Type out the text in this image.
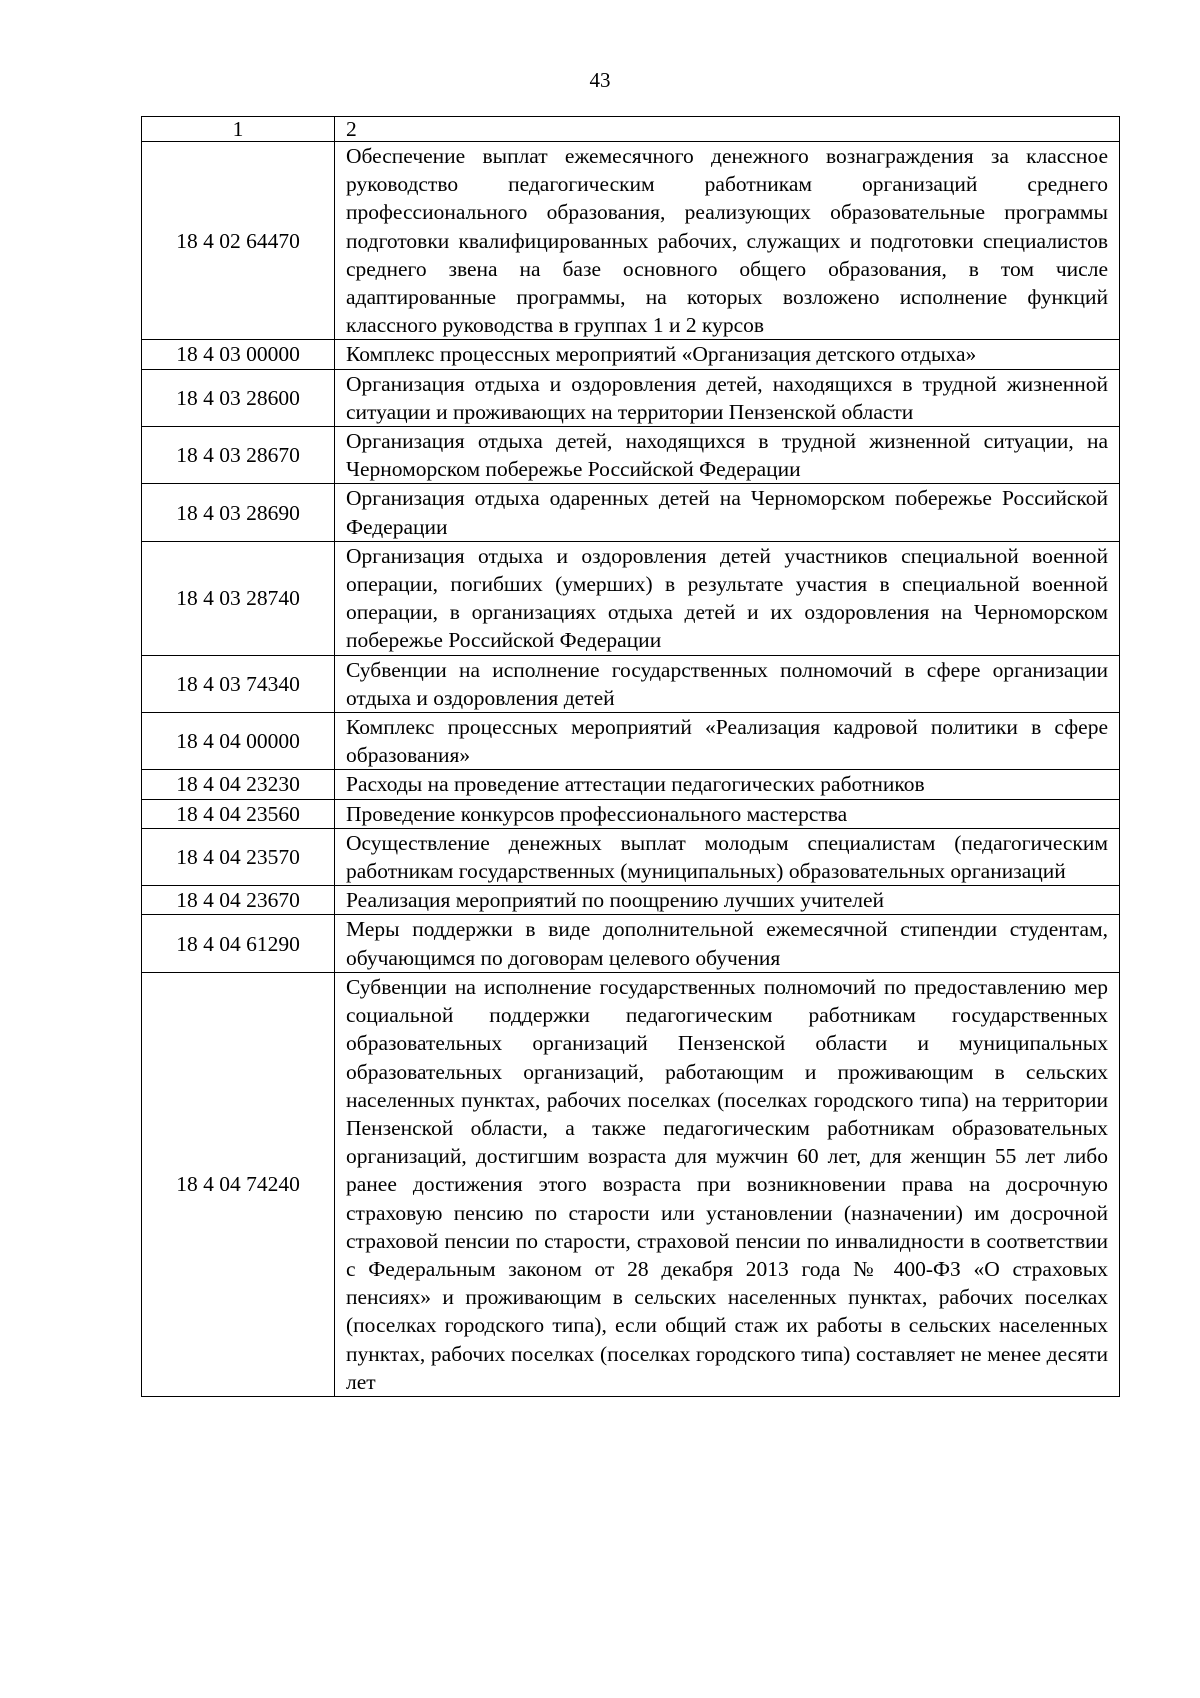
43
1	2
18 4 02 64470	Обеспечение выплат ежемесячного денежного вознаграждения за классное руководство педагогическим работникам организаций среднего профессионального образования, реализующих образовательные программы подготовки квалифицированных рабочих, служащих и подготовки специалистов среднего звена на базе основного общего образования, в том числе адаптированные программы, на которых возложено исполнение функций классного руководства в группах 1 и 2 курсов
18 4 03 00000	Комплекс процессных мероприятий «Организация детского отдыха»
18 4 03 28600	Организация отдыха и оздоровления детей, находящихся в трудной жизненной ситуации и проживающих на территории Пензенской области
18 4 03 28670	Организация отдыха детей, находящихся в трудной жизненной ситуации, на Черноморском побережье Российской Федерации
18 4 03 28690	Организация отдыха одаренных детей на Черноморском побережье Российской Федерации
18 4 03 28740	Организация отдыха и оздоровления детей участников специальной военной операции, погибших (умерших) в результате участия в специальной военной операции, в организациях отдыха детей и их оздоровления на Черноморском побережье Российской Федерации
18 4 03 74340	Субвенции на исполнение государственных полномочий в сфере организации отдыха и оздоровления детей
18 4 04 00000	Комплекс процессных мероприятий «Реализация кадровой политики в сфере образования»
18 4 04 23230	Расходы на проведение аттестации педагогических работников
18 4 04 23560	Проведение конкурсов профессионального мастерства
18 4 04 23570	Осуществление денежных выплат молодым специалистам (педагогическим работникам государственных (муниципальных) образовательных организаций
18 4 04 23670	Реализация мероприятий по поощрению лучших учителей
18 4 04 61290	Меры поддержки в виде дополнительной ежемесячной стипендии студентам, обучающимся по договорам целевого обучения
18 4 04 74240	Субвенции на исполнение государственных полномочий по предоставлению мер социальной поддержки педагогическим работникам государственных образовательных организаций Пензенской области и муниципальных образовательных организаций, работающим и проживающим в сельских населенных пунктах, рабочих поселках (поселках городского типа) на территории Пензенской области, а также педагогическим работникам образовательных организаций, достигшим возраста для мужчин 60 лет, для женщин 55 лет либо ранее достижения этого возраста при возникновении права на досрочную страховую пенсию по старости или установлении (назначении) им досрочной страховой пенсии по старости, страховой пенсии по инвалидности в соответствии с Федеральным законом от 28 декабря 2013 года № 400-ФЗ «О страховых пенсиях» и проживающим в сельских населенных пунктах, рабочих поселках (поселках городского типа), если общий стаж их работы в сельских населенных пунктах, рабочих поселках (поселках городского типа) составляет не менее десяти лет
